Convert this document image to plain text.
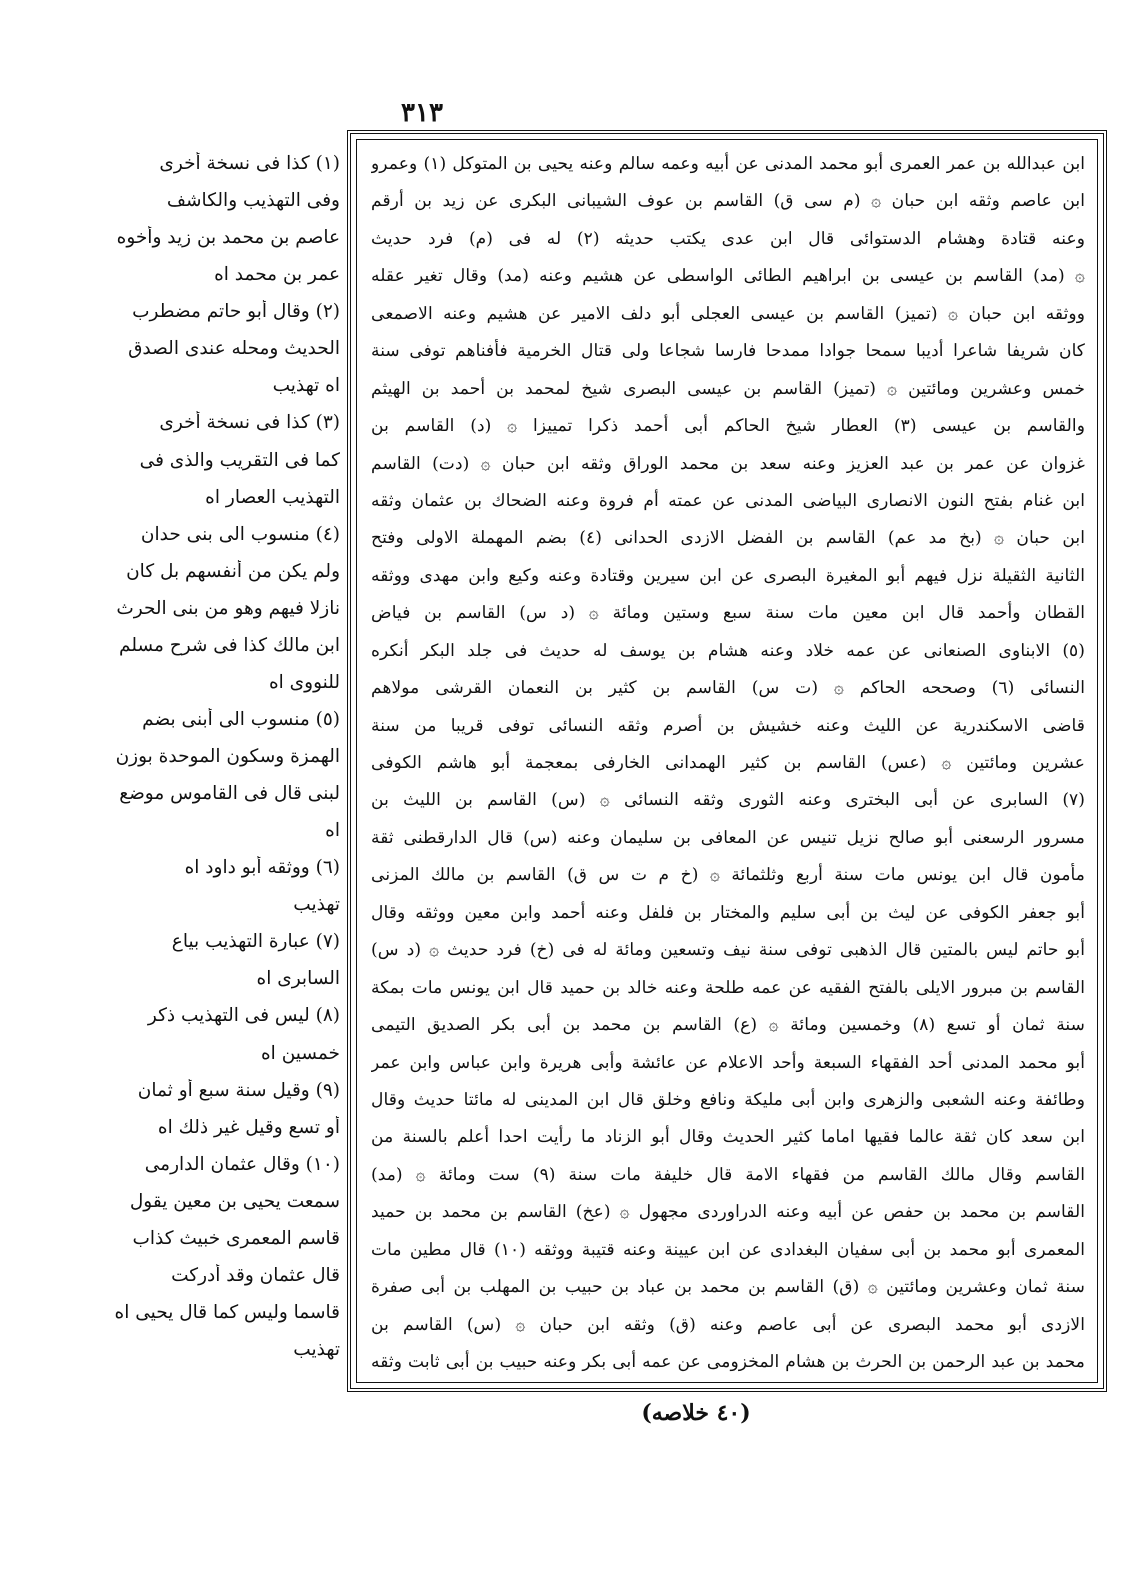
٣١٣
ابن عبدالله بن عمر العمرى أبو محمد المدنى عن أبيه وعمه سالم وعنه يحيى بن المتوكل (١) وعمرو
ابن عاصم وثقه ابن حبان ۞ (م سى ق) القاسم بن عوف الشيبانى البكرى عن زيد بن أرقم
وعنه قتادة وهشام الدستوائى قال ابن عدى يكتب حديثه (٢) له فى (م) فرد حديث
۞ (مد) القاسم بن عيسى بن ابراهيم الطائى الواسطى عن هشيم وعنه (مد) وقال تغير عقله
ووثقه ابن حبان ۞ (تميز) القاسم بن عيسى العجلى أبو دلف الامير عن هشيم وعنه الاصمعى
كان شريفا شاعرا أديبا سمحا جوادا ممدحا فارسا شجاعا ولى قتال الخرمية فأفناهم توفى سنة
خمس وعشرين ومائتين ۞ (تميز) القاسم بن عيسى البصرى شيخ لمحمد بن أحمد بن الهيثم
والقاسم بن عيسى (٣) العطار شيخ الحاكم أبى أحمد ذكرا تمييزا ۞ (د) القاسم بن
غزوان عن عمر بن عبد العزيز وعنه سعد بن محمد الوراق وثقه ابن حبان ۞ (دت) القاسم
ابن غنام بفتح النون الانصارى البياضى المدنى عن عمته أم فروة وعنه الضحاك بن عثمان وثقه
ابن حبان ۞ (بخ مد عم) القاسم بن الفضل الازدى الحدانى (٤) بضم المهملة الاولى وفتح
الثانية الثقيلة نزل فيهم أبو المغيرة البصرى عن ابن سيرين وقتادة وعنه وكيع وابن مهدى ووثقه
القطان وأحمد قال ابن معين مات سنة سبع وستين ومائة ۞ (د س) القاسم بن فياض
(٥) الابناوى الصنعانى عن عمه خلاد وعنه هشام بن يوسف له حديث فى جلد البكر أنكره
النسائى (٦) وصححه الحاكم ۞ (ت س) القاسم بن كثير بن النعمان القرشى مولاهم
قاضى الاسكندرية عن الليث وعنه خشيش بن أصرم وثقه النسائى توفى قريبا من سنة
عشرين ومائتين ۞ (عس) القاسم بن كثير الهمدانى الخارفى بمعجمة أبو هاشم الكوفى
(٧) السابرى عن أبى البخترى وعنه الثورى وثقه النسائى ۞ (س) القاسم بن الليث بن
مسرور الرسعنى أبو صالح نزيل تنيس عن المعافى بن سليمان وعنه (س) قال الدارقطنى ثقة
مأمون قال ابن يونس مات سنة أربع وثلثمائة ۞ (خ م ت س ق) القاسم بن مالك المزنى
أبو جعفر الكوفى عن ليث بن أبى سليم والمختار بن فلفل وعنه أحمد وابن معين ووثقه وقال
أبو حاتم ليس بالمتين قال الذهبى توفى سنة نيف وتسعين ومائة له فى (خ) فرد حديث ۞ (د س)
القاسم بن مبرور الايلى بالفتح الفقيه عن عمه طلحة وعنه خالد بن حميد قال ابن يونس مات بمكة
سنة ثمان أو تسع (٨) وخمسين ومائة ۞ (ع) القاسم بن محمد بن أبى بكر الصديق التيمى
أبو محمد المدنى أحد الفقهاء السبعة وأحد الاعلام عن عائشة وأبى هريرة وابن عباس وابن عمر
وطائفة وعنه الشعبى والزهرى وابن أبى مليكة ونافع وخلق قال ابن المدينى له مائتا حديث وقال
ابن سعد كان ثقة عالما فقيها اماما كثير الحديث وقال أبو الزناد ما رأيت احدا أعلم بالسنة من
القاسم وقال مالك القاسم من فقهاء الامة قال خليفة مات سنة (٩) ست ومائة ۞ (مد)
القاسم بن محمد بن حفص عن أبيه وعنه الدراوردى مجهول ۞ (عخ) القاسم بن محمد بن حميد
المعمرى أبو محمد بن أبى سفيان البغدادى عن ابن عيينة وعنه قتيبة ووثقه (١٠) قال مطين مات
سنة ثمان وعشرين ومائتين ۞ (ق) القاسم بن محمد بن عباد بن حبيب بن المهلب بن أبى صفرة
الازدى أبو محمد البصرى عن أبى عاصم وعنه (ق) وثقه ابن حبان ۞ (س) القاسم بن
محمد بن عبد الرحمن بن الحرث بن هشام المخزومى عن عمه أبى بكر وعنه حبيب بن أبى ثابت وثقه
(١) كذا فى نسخة أخرى
وفى التهذيب والكاشف
عاصم بن محمد بن زيد وأخوه
عمر بن محمد اه
(٢) وقال أبو حاتم مضطرب
الحديث ومحله عندى الصدق
اه تهذيب
(٣) كذا فى نسخة أخرى
كما فى التقريب والذى فى
التهذيب العصار اه
(٤) منسوب الى بنى حدان
ولم يكن من أنفسهم بل كان
نازلا فيهم وهو من بنى الحرث
ابن مالك كذا فى شرح مسلم
للنووى اه
(٥) منسوب الى أبنى بضم
الهمزة وسكون الموحدة بوزن
لبنى قال فى القاموس موضع
اه
(٦) ووثقه أبو داود اه
تهذيب
(٧) عبارة التهذيب بياع
السابرى اه
(٨) ليس فى التهذيب ذكر
خمسين اه
(٩) وقيل سنة سبع أو ثمان
أو تسع وقيل غير ذلك اه
(١٠) وقال عثمان الدارمى
سمعت يحيى بن معين يقول
قاسم المعمرى خبيث كذاب
قال عثمان وقد أدركت
قاسما وليس كما قال يحيى اه
تهذيب
(٤٠ خلاصه)
